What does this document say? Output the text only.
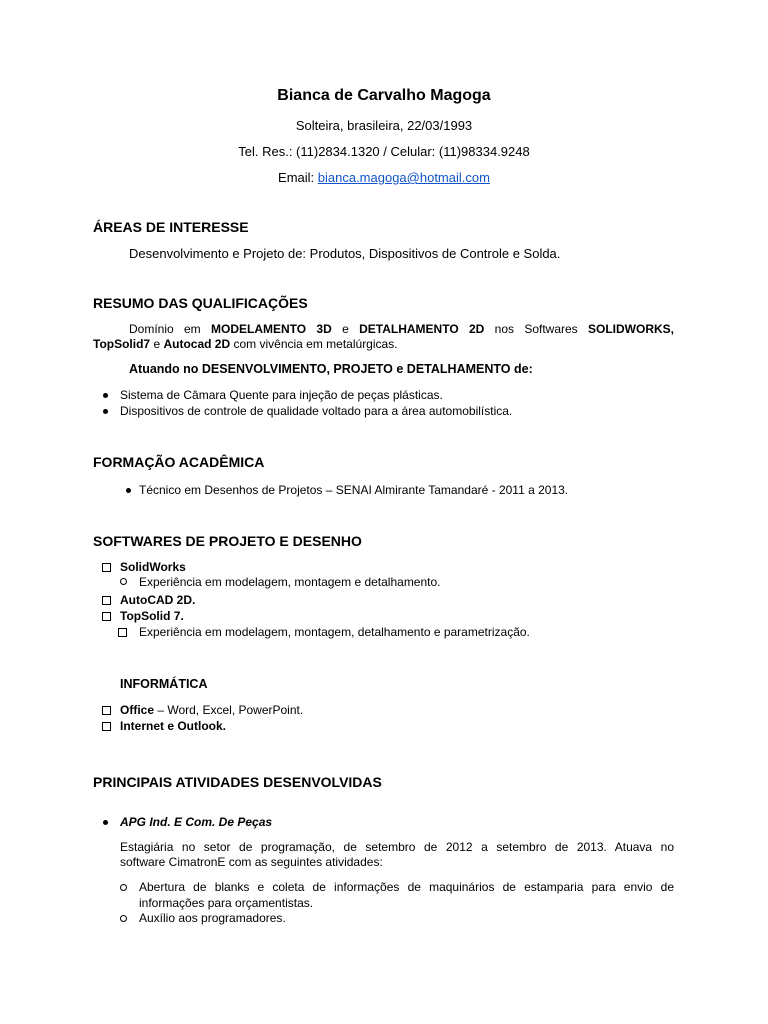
Bianca de Carvalho Magoga
Solteira, brasileira, 22/03/1993
Tel. Res.: (11)2834.1320 / Celular: (11)98334.9248
Email: bianca.magoga@hotmail.com
ÁREAS DE INTERESSE
Desenvolvimento e Projeto de: Produtos, Dispositivos de Controle e Solda.
RESUMO DAS QUALIFICAÇÕES
Domínio em MODELAMENTO 3D e DETALHAMENTO 2D nos Softwares SOLIDWORKS,
TopSolid7 e Autocad 2D com vivência em metalúrgicas.
Atuando no DESENVOLVIMENTO, PROJETO e DETALHAMENTO de:
Sistema de Câmara Quente para injeção de peças plásticas.
Dispositivos de controle de qualidade voltado para a área automobilística.
FORMAÇÃO ACADÊMICA
Técnico em Desenhos de Projetos – SENAI Almirante Tamandaré - 2011 a 2013.
SOFTWARES DE PROJETO E DESENHO
SolidWorks
Experiência em modelagem, montagem e detalhamento.
AutoCAD 2D.
TopSolid 7.
Experiência em modelagem, montagem, detalhamento e parametrização.
INFORMÁTICA
Office – Word, Excel, PowerPoint.
Internet e Outlook.
PRINCIPAIS ATIVIDADES DESENVOLVIDAS
APG Ind. E Com. De Peças
Estagiária no setor de programação, de setembro de 2012 a setembro de 2013. Atuava no
software CimatronE com as seguintes atividades:
Abertura de blanks e coleta de informações de maquinários de estamparia para envio de
informações para orçamentistas.
Auxílio aos programadores.
